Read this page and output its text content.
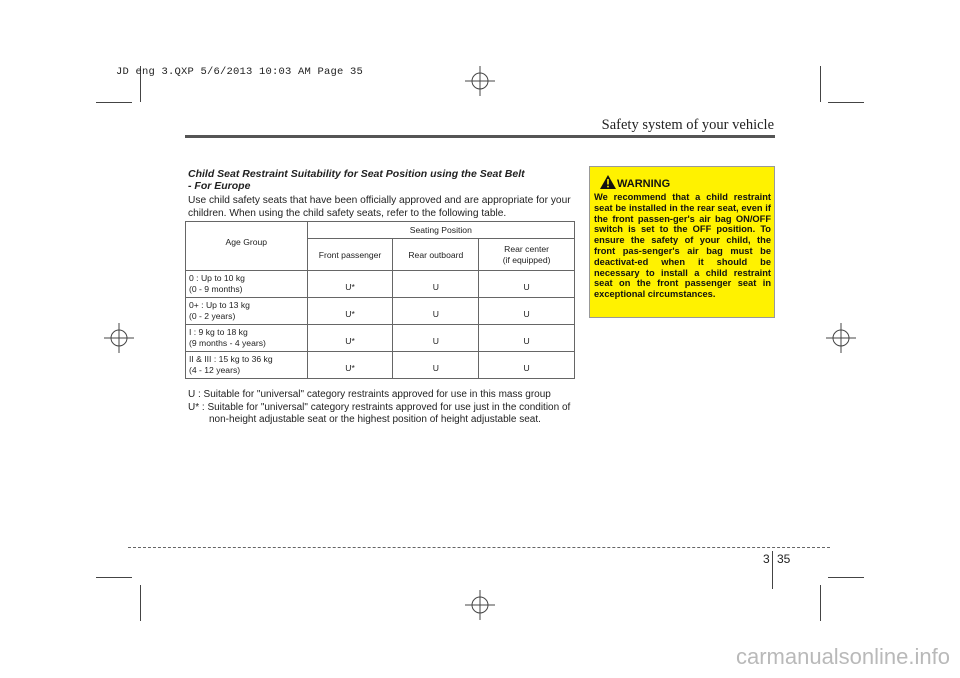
JD eng 3.QXP 5/6/2013 10:03 AM Page 35
Safety system of your vehicle
Child Seat Restraint Suitability for Seat Position using the Seat Belt
- For Europe
Use child safety seats that have been officially approved and are appropriate for your children. When using the child safety seats, refer to the following table.
Age Group	Seating Position		
	Front passenger	Rear outboard	Rear center
(if equipped)

0 : Up to 10 kg
(0 - 9 months)	U*	U	U

0+ : Up to 13 kg
(0 - 2 years)	U*	U	U

I : 9 kg to 18 kg
(9 months - 4 years)	U*	U	U

II & III : 15 kg to 36 kg
(4 - 12 years)	U*	U	U
U : Suitable for "universal" category restraints approved for use in this mass group
U* : Suitable for "universal" category restraints approved for use just in the condition of non-height adjustable seat or the highest position of height adjustable seat.
WARNING
We recommend that a child restraint seat be installed in the rear seat, even if the front passen-ger's air bag ON/OFF switch is set to the OFF position. To ensure the safety of your child, the front pas-senger's air bag must be deactivat-ed when it should be necessary to install a child restraint seat on the front passenger seat in exceptional circumstances.
3 35
carmanualsonline.info
